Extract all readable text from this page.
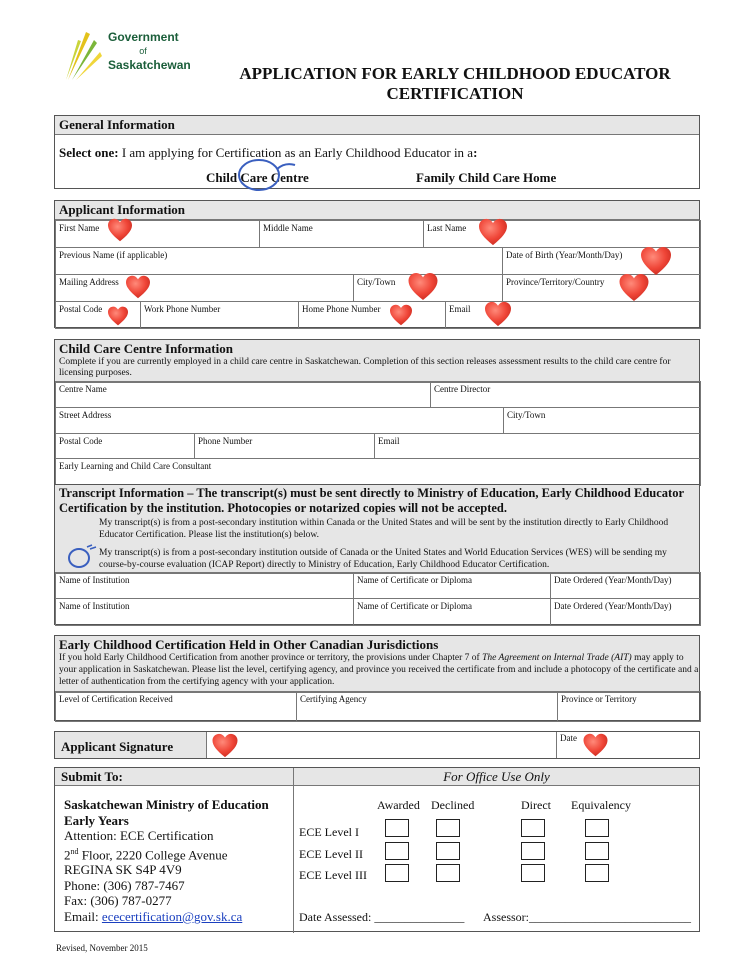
Government
of
Saskatchewan	APPLICATION FOR EARLY CHILDHOOD EDUCATOR
CERTIFICATION
General Information
Select one: I am applying for Certification as an Early Childhood Educator in a:
Child Care Centre	Family Child Care Home
Applicant Information
First Name	Middle Name	Last Name
Previous Name (if applicable)	Date of Birth (Year/Month/Day)
Mailing Address	City/Town	Province/Territory/Country
Postal Code	Work Phone Number	Home Phone Number	Email
Child Care Centre Information
Complete if you are currently employed in a child care centre in Saskatchewan. Completion of this section releases assessment results to the child care centre for licensing purposes.
Centre Name	Centre Director
Street Address	City/Town
Postal Code	Phone Number	Email
Early Learning and Child Care Consultant
Transcript Information – The transcript(s) must be sent directly to Ministry of Education, Early Childhood Educator Certification by the institution. Photocopies or notarized copies will not be accepted.
My transcript(s) is from a post-secondary institution within Canada or the United States and will be sent by the institution directly to Early Childhood Educator Certification. Please list the institution(s) below.
My transcript(s) is from a post-secondary institution outside of Canada or the United States and World Education Services (WES) will be sending my course-by-course evaluation (ICAP Report) directly to Ministry of Education, Early Childhood Educator Certification.
Name of Institution	Name of Certificate or Diploma	Date Ordered (Year/Month/Day)
Name of Institution	Name of Certificate or Diploma	Date Ordered (Year/Month/Day)
Early Childhood Certification Held in Other Canadian Jurisdictions
If you hold Early Childhood Certification from another province or territory, the provisions under Chapter 7 of The Agreement on Internal Trade (AIT) may apply to your application in Saskatchewan. Please list the level, certifying agency, and province you received the certificate from and include a photocopy of the certificate and a letter of authentication from the certifying agency with your application.
Level of Certification Received	Certifying Agency	Province or Territory
Applicant Signature
Date
Submit To:	For Office Use Only
Saskatchewan Ministry of Education
Early Years
Attention: ECE Certification
2nd Floor, 2220 College Avenue
REGINA SK S4P 4V9
Phone: (306) 787-7467
Fax: (306) 787-0277
Email: ececertification@gov.sk.ca
Awarded Declined	Direct Equivalency
ECE Level I
ECE Level II
ECE Level III
Date Assessed: _______________ Assessor:___________________________
Revised, November 2015
